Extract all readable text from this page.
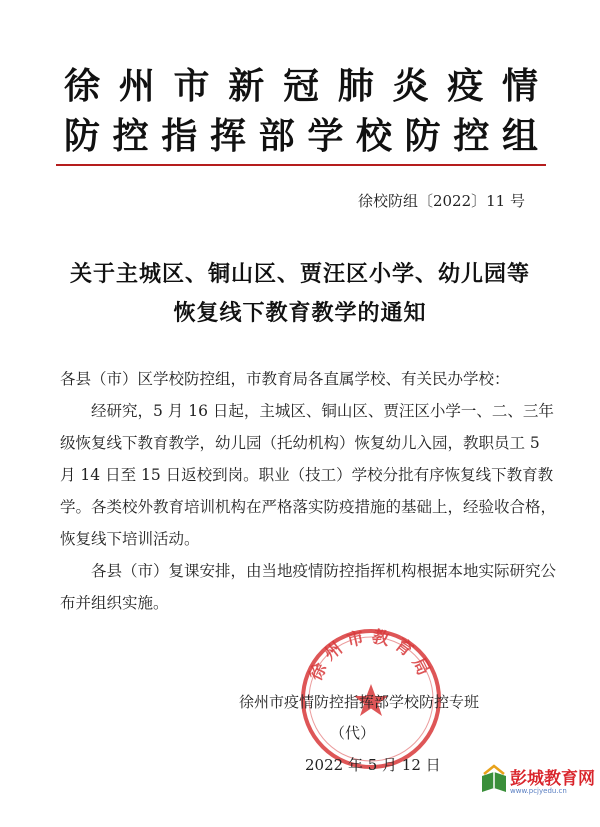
徐州市新冠肺炎疫情
防控指挥部学校防控组
徐校防组〔2022〕11 号
关于主城区、铜山区、贾汪区小学、幼儿园等
恢复线下教育教学的通知
各县（市）区学校防控组，市教育局各直属学校、有关民办学校：
经研究，5 月 16 日起，主城区、铜山区、贾汪区小学一、二、三年级恢复线下教育教学，幼儿园（托幼机构）恢复幼儿入园，教职员工 5 月 14 日至 15 日返校到岗。职业（技工）学校分批有序恢复线下教育教学。各类校外教育培训机构在严格落实防疫措施的基础上，经验收合格，恢复线下培训活动。
各县（市）复课安排，由当地疫情防控指挥机构根据本地实际研究公布并组织实施。
徐州市教育局
徐州市疫情防控指挥部学校防控专班
（代）
2022 年 5 月 12 日
彭城教育网
www.pcjyedu.cn
